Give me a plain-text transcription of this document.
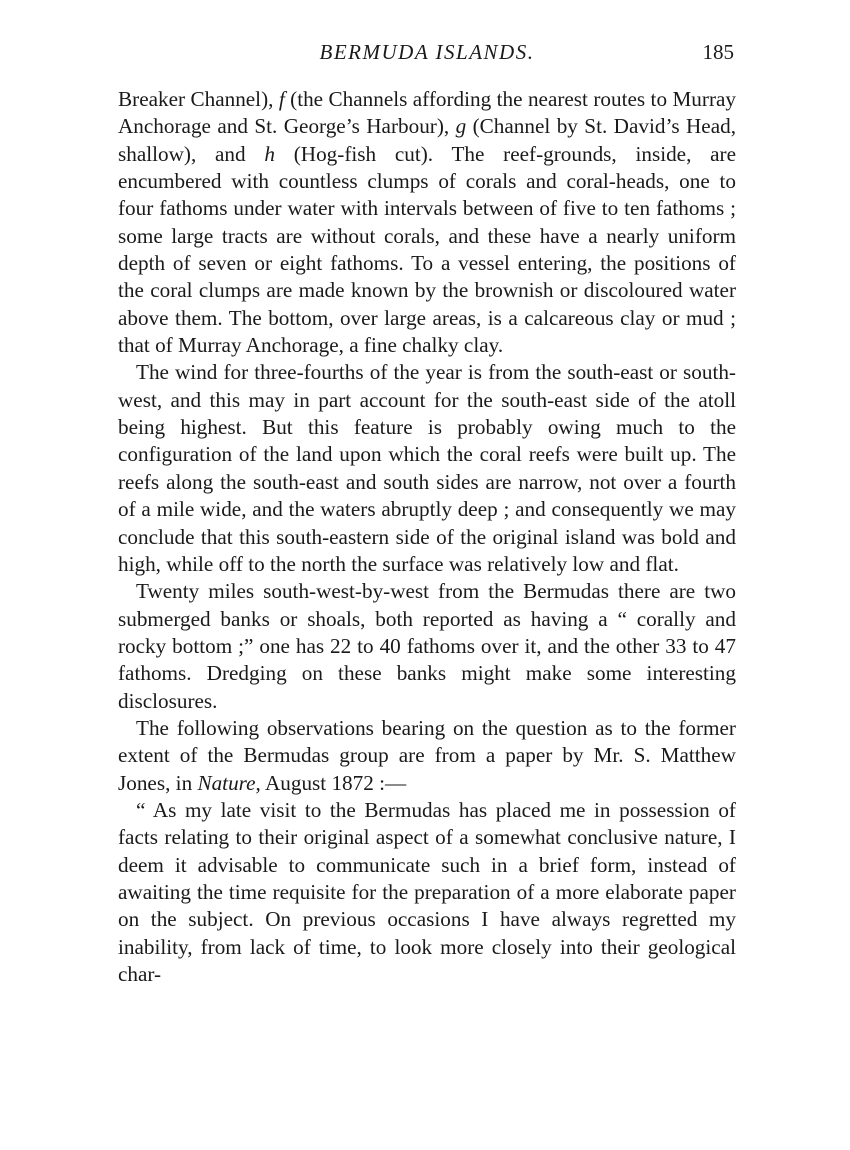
BERMUDA ISLANDS.	185

Breaker Channel), f (the Channels affording the nearest routes to Murray Anchorage and St. George’s Harbour), g (Channel by St. David’s Head, shallow), and h (Hog-fish cut). The reef-grounds, inside, are encumbered with countless clumps of corals and coral-heads, one to four fathoms under water with intervals between of five to ten fathoms ; some large tracts are without corals, and these have a nearly uniform depth of seven or eight fathoms. To a vessel entering, the positions of the coral clumps are made known by the brownish or discoloured water above them. The bottom, over large areas, is a calcareous clay or mud ; that of Murray Anchorage, a fine chalky clay.

The wind for three-fourths of the year is from the south-east or south-west, and this may in part account for the south-east side of the atoll being highest. But this feature is probably owing much to the configuration of the land upon which the coral reefs were built up. The reefs along the south-east and south sides are narrow, not over a fourth of a mile wide, and the waters abruptly deep ; and consequently we may conclude that this south-eastern side of the original island was bold and high, while off to the north the surface was relatively low and flat.

Twenty miles south-west-by-west from the Bermudas there are two submerged banks or shoals, both reported as having a “ corally and rocky bottom ;” one has 22 to 40 fathoms over it, and the other 33 to 47 fathoms. Dredging on these banks might make some interesting disclosures.

The following observations bearing on the question as to the former extent of the Bermudas group are from a paper by Mr. S. Matthew Jones, in Nature, August 1872 :—

“ As my late visit to the Bermudas has placed me in possession of facts relating to their original aspect of a somewhat conclusive nature, I deem it advisable to communicate such in a brief form, instead of awaiting the time requisite for the preparation of a more elaborate paper on the subject. On previous occasions I have always regretted my inability, from lack of time, to look more closely into their geological char-
